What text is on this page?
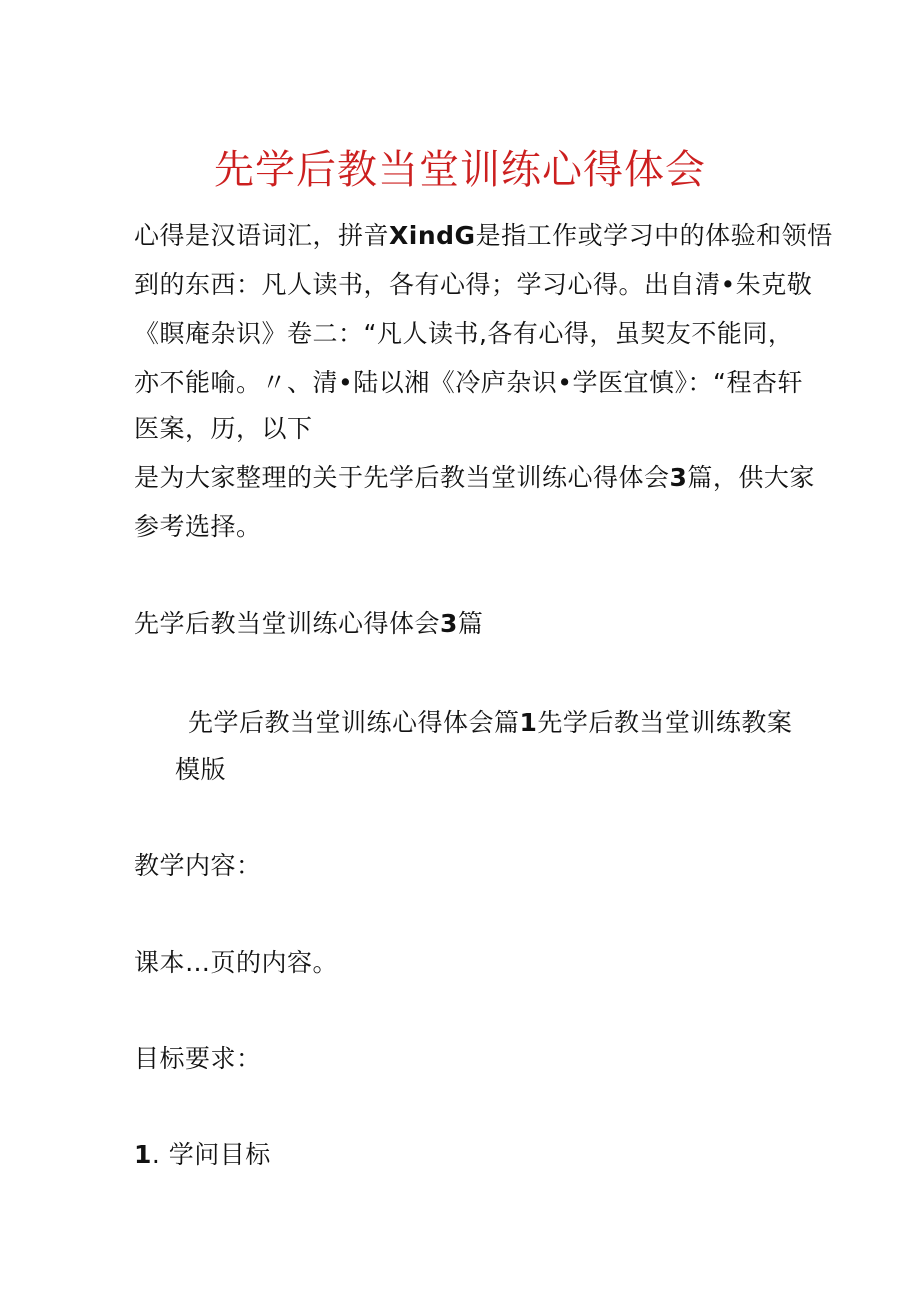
先学后教当堂训练心得体会
心得是汉语词汇，拼音XindG是指工作或学习中的体验和领悟
到的东西：凡人读书，各有心得；学习心得。出自清•朱克敬
《瞑庵杂识》卷二：“凡人读书,各有心得，虽契友不能同，
亦不能喻。〃、清•陆以湘《冷庐杂识•学医宜慎》：“程杏轩
医案，历，以下
是为大家整理的关于先学后教当堂训练心得体会3篇，供大家
参考选择。
先学后教当堂训练心得体会3篇
先学后教当堂训练心得体会篇1先学后教当堂训练教案
模版
教学内容：
课本…页的内容。
目标要求：
1. 学问目标
